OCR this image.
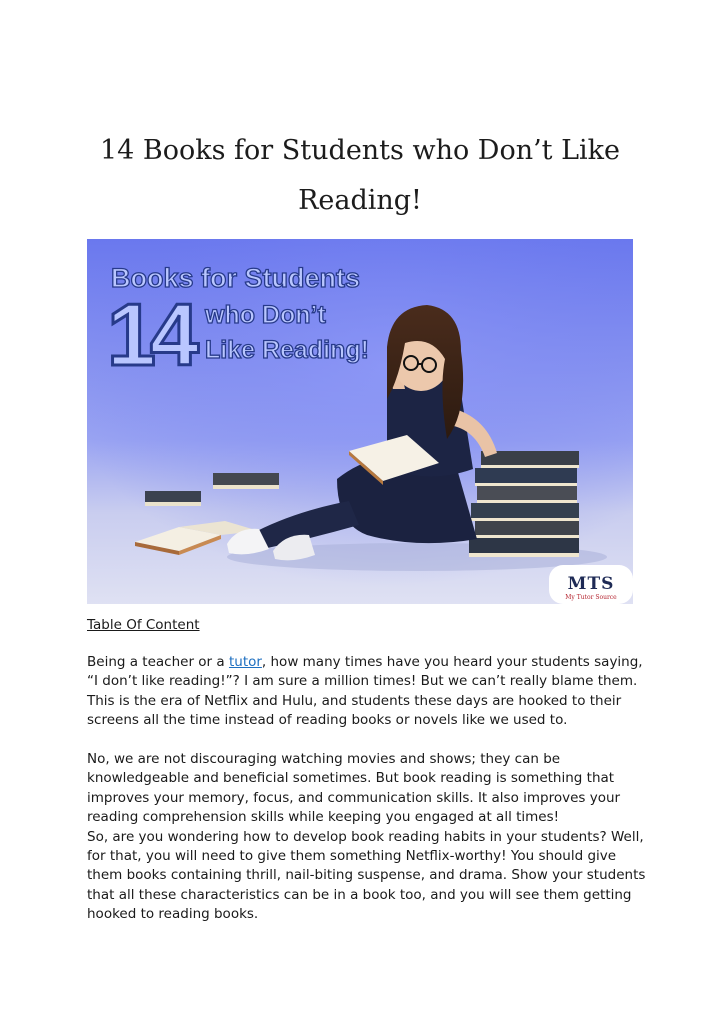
14 Books for Students who Don’t Like Reading!
14
Books for Students
who Don’t
Like Reading!
MTS
My Tutor Source
Table Of Content

Being a teacher or a tutor, how many times have you heard your students saying, “I don’t like reading!”? I am sure a million times! But we can’t really blame them. This is the era of Netflix and Hulu, and students these days are hooked to their screens all the time instead of reading books or novels like we used to.

No, we are not discouraging watching movies and shows; they can be knowledgeable and beneficial sometimes. But book reading is something that improves your memory, focus, and communication skills. It also improves your reading comprehension skills while keeping you engaged at all times!
So, are you wondering how to develop book reading habits in your students? Well, for that, you will need to give them something Netflix-worthy! You should give them books containing thrill, nail-biting suspense, and drama. Show your students that all these characteristics can be in a book too, and you will see them getting hooked to reading books.
